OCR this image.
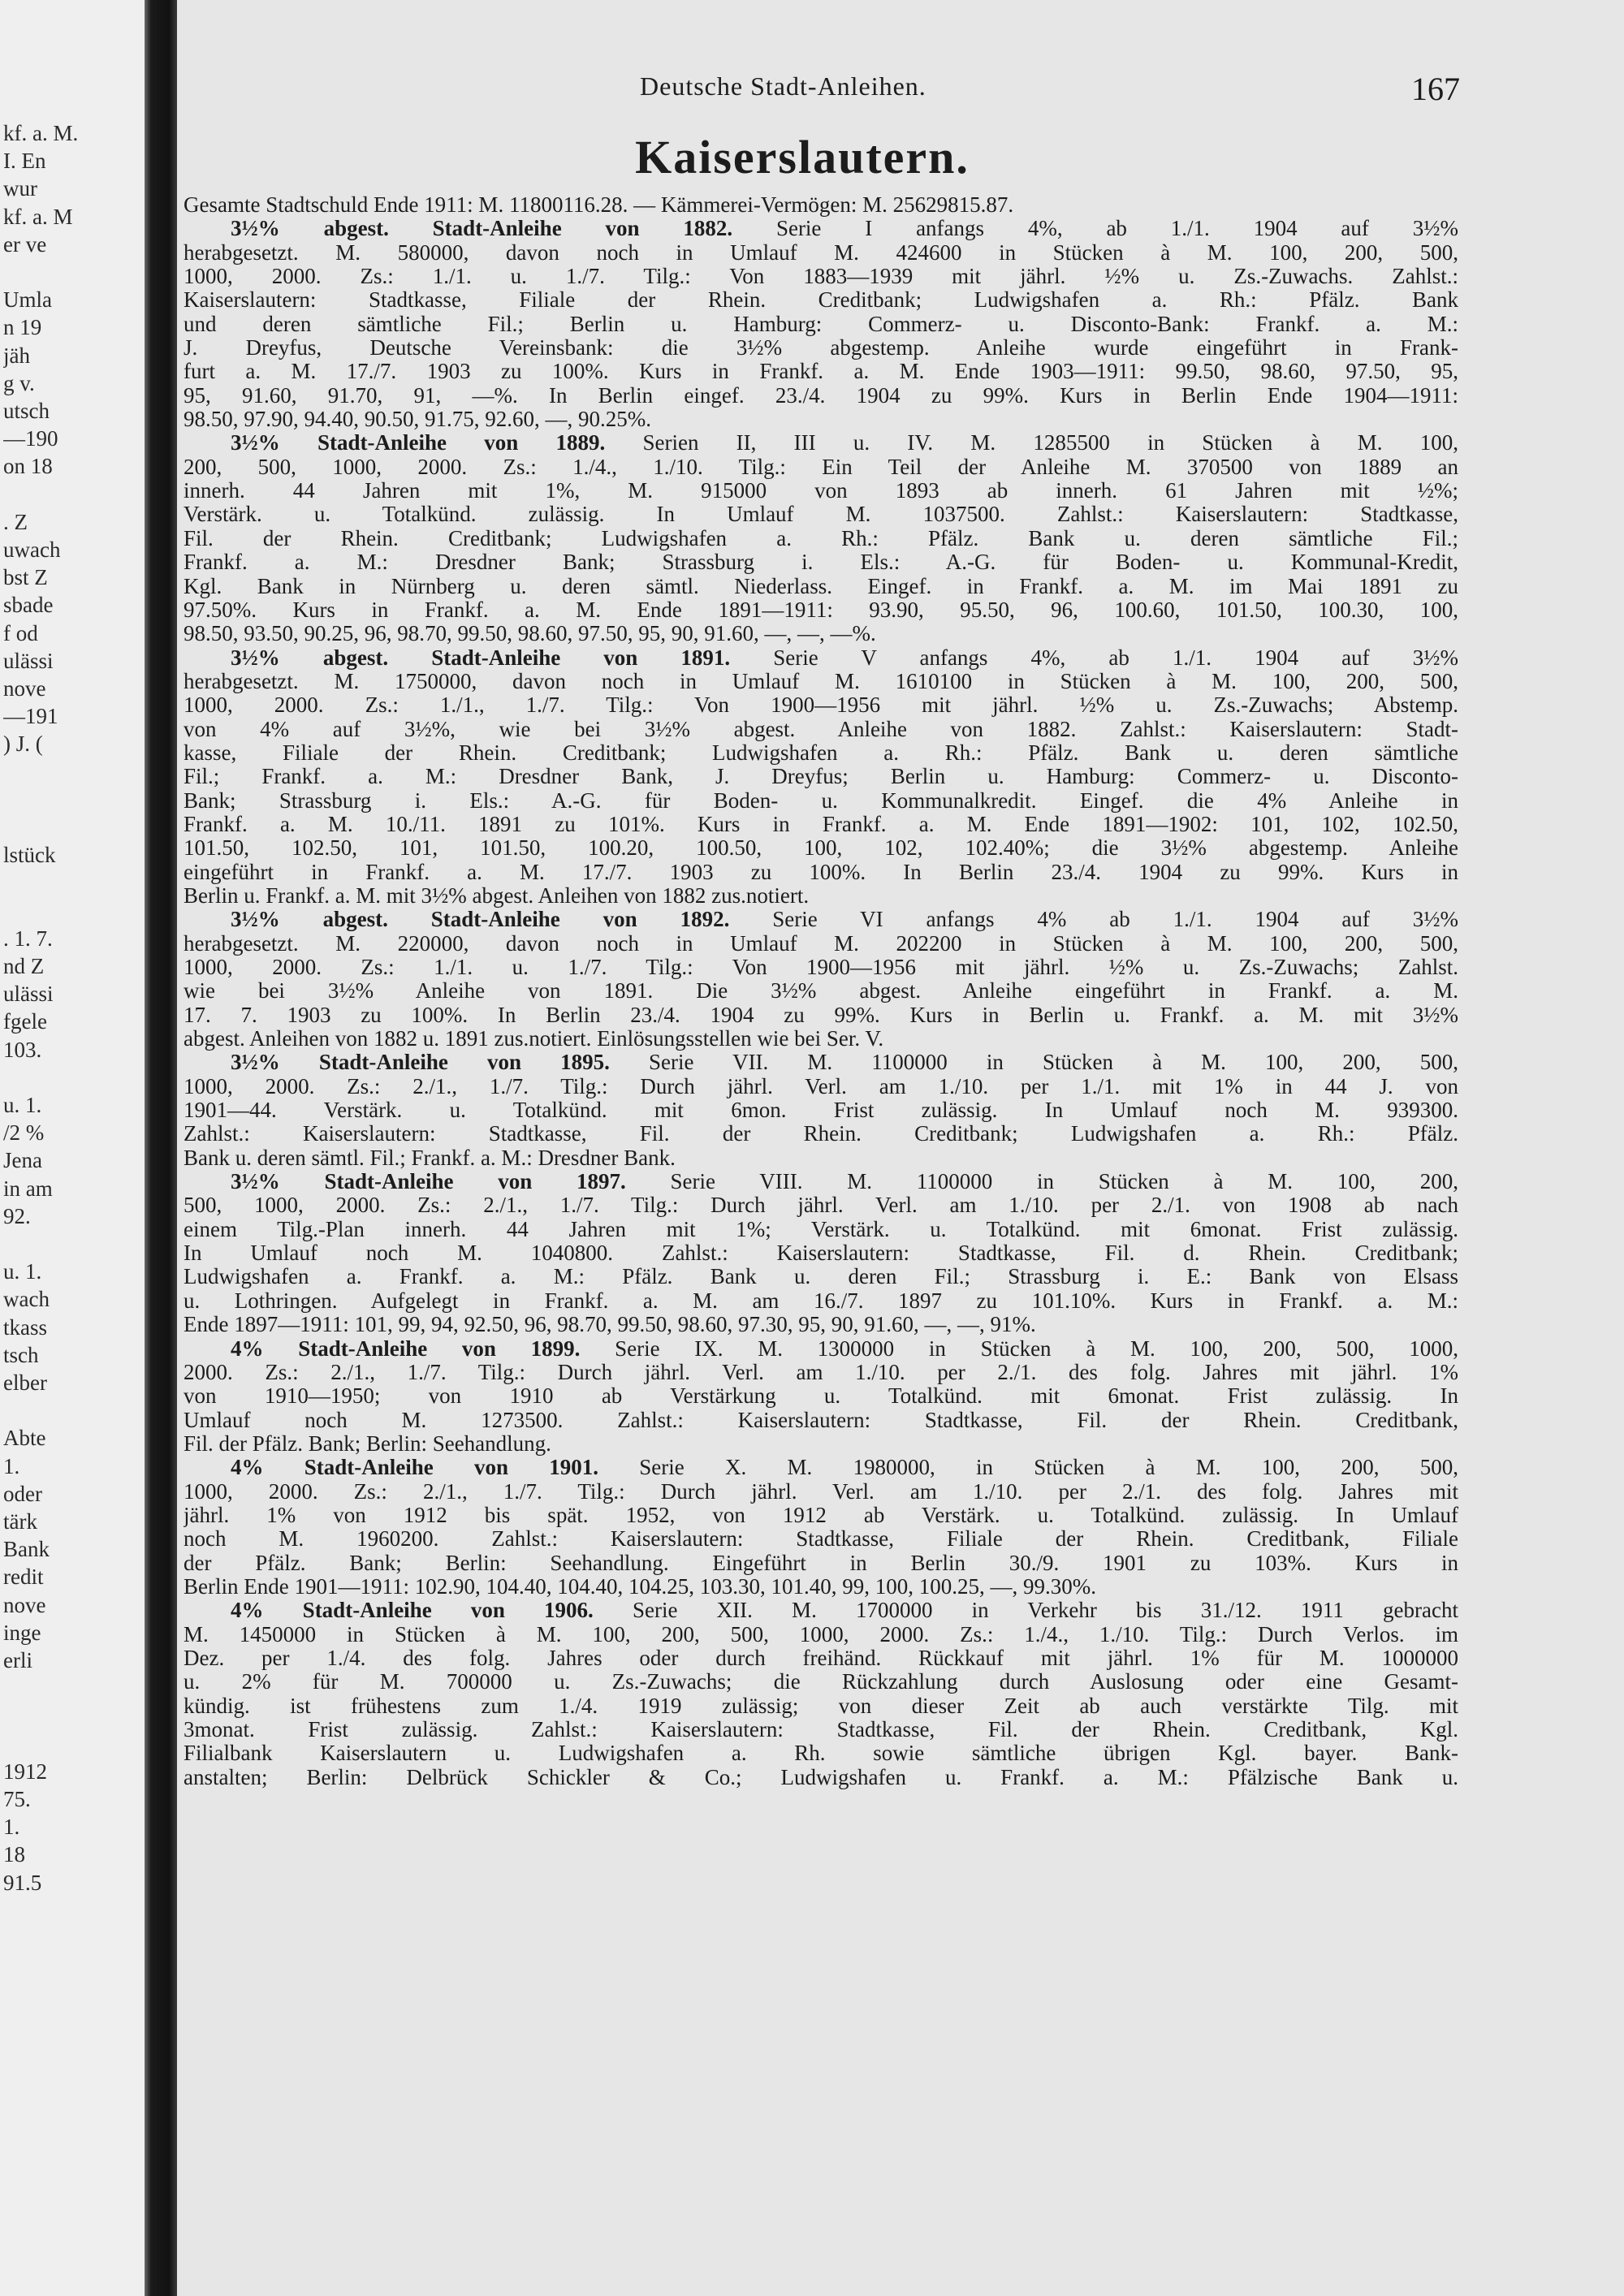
kf. a. M.
I. En
wur
kf. a. M
er ve
Umla
n 19
jäh
g v.
utsch
—190
on 18
. Z
uwach
bst Z
sbade
f od
ulässi
nove
—191
) J. (
lstück
. 1. 7.
nd Z
ulässi
fgele
103.
u. 1.
/2 %
Jena
in am
92.
u. 1.
wach
tkass
tsch
elber
Abte
1.
oder
tärk
Bank
redit
nove
inge
erli
1912
75.
1.
18
91.5
Deutsche Stadt-Anleihen.	167
Kaiserslautern.
Gesamte Stadtschuld Ende 1911: M. 11800116.28. — Kämmerei-Vermögen: M. 25629815.87.
3½% abgest. Stadt-Anleihe von 1882. Serie I anfangs 4%, ab 1./1. 1904 auf 3½%
herabgesetzt. M. 580000, davon noch in Umlauf M. 424600 in Stücken à M. 100, 200, 500,
1000, 2000. Zs.: 1./1. u. 1./7. Tilg.: Von 1883—1939 mit jährl. ½% u. Zs.-Zuwachs. Zahlst.:
Kaiserslautern: Stadtkasse, Filiale der Rhein. Creditbank; Ludwigshafen a. Rh.: Pfälz. Bank
und deren sämtliche Fil.; Berlin u. Hamburg: Commerz- u. Disconto-Bank: Frankf. a. M.:
J. Dreyfus, Deutsche Vereinsbank: die 3½% abgestemp. Anleihe wurde eingeführt in Frank-
furt a. M. 17./7. 1903 zu 100%. Kurs in Frankf. a. M. Ende 1903—1911: 99.50, 98.60, 97.50, 95,
95, 91.60, 91.70, 91, —%. In Berlin eingef. 23./4. 1904 zu 99%. Kurs in Berlin Ende 1904—1911:
98.50, 97.90, 94.40, 90.50, 91.75, 92.60, —, 90.25%.
3½% Stadt-Anleihe von 1889. Serien II, III u. IV. M. 1285500 in Stücken à M. 100,
200, 500, 1000, 2000. Zs.: 1./4., 1./10. Tilg.: Ein Teil der Anleihe M. 370500 von 1889 an
innerh. 44 Jahren mit 1%, M. 915000 von 1893 ab innerh. 61 Jahren mit ½%;
Verstärk. u. Totalkünd. zulässig. In Umlauf M. 1037500. Zahlst.: Kaiserslautern: Stadtkasse,
Fil. der Rhein. Creditbank; Ludwigshafen a. Rh.: Pfälz. Bank u. deren sämtliche Fil.;
Frankf. a. M.: Dresdner Bank; Strassburg i. Els.: A.-G. für Boden- u. Kommunal-Kredit,
Kgl. Bank in Nürnberg u. deren sämtl. Niederlass. Eingef. in Frankf. a. M. im Mai 1891 zu
97.50%. Kurs in Frankf. a. M. Ende 1891—1911: 93.90, 95.50, 96, 100.60, 101.50, 100.30, 100,
98.50, 93.50, 90.25, 96, 98.70, 99.50, 98.60, 97.50, 95, 90, 91.60, —, —, —%.
3½% abgest. Stadt-Anleihe von 1891. Serie V anfangs 4%, ab 1./1. 1904 auf 3½%
herabgesetzt. M. 1750000, davon noch in Umlauf M. 1610100 in Stücken à M. 100, 200, 500,
1000, 2000. Zs.: 1./1., 1./7. Tilg.: Von 1900—1956 mit jährl. ½% u. Zs.-Zuwachs; Abstemp.
von 4% auf 3½%, wie bei 3½% abgest. Anleihe von 1882. Zahlst.: Kaiserslautern: Stadt-
kasse, Filiale der Rhein. Creditbank; Ludwigshafen a. Rh.: Pfälz. Bank u. deren sämtliche
Fil.; Frankf. a. M.: Dresdner Bank, J. Dreyfus; Berlin u. Hamburg: Commerz- u. Disconto-
Bank; Strassburg i. Els.: A.-G. für Boden- u. Kommunalkredit. Eingef. die 4% Anleihe in
Frankf. a. M. 10./11. 1891 zu 101%. Kurs in Frankf. a. M. Ende 1891—1902: 101, 102, 102.50,
101.50, 102.50, 101, 101.50, 100.20, 100.50, 100, 102, 102.40%; die 3½% abgestemp. Anleihe
eingeführt in Frankf. a. M. 17./7. 1903 zu 100%. In Berlin 23./4. 1904 zu 99%. Kurs in
Berlin u. Frankf. a. M. mit 3½% abgest. Anleihen von 1882 zus.notiert.
3½% abgest. Stadt-Anleihe von 1892. Serie VI anfangs 4% ab 1./1. 1904 auf 3½%
herabgesetzt. M. 220000, davon noch in Umlauf M. 202200 in Stücken à M. 100, 200, 500,
1000, 2000. Zs.: 1./1. u. 1./7. Tilg.: Von 1900—1956 mit jährl. ½% u. Zs.-Zuwachs; Zahlst.
wie bei 3½% Anleihe von 1891. Die 3½% abgest. Anleihe eingeführt in Frankf. a. M.
17. 7. 1903 zu 100%. In Berlin 23./4. 1904 zu 99%. Kurs in Berlin u. Frankf. a. M. mit 3½%
abgest. Anleihen von 1882 u. 1891 zus.notiert. Einlösungsstellen wie bei Ser. V.
3½% Stadt-Anleihe von 1895. Serie VII. M. 1100000 in Stücken à M. 100, 200, 500,
1000, 2000. Zs.: 2./1., 1./7. Tilg.: Durch jährl. Verl. am 1./10. per 1./1. mit 1% in 44 J. von
1901—44. Verstärk. u. Totalkünd. mit 6mon. Frist zulässig. In Umlauf noch M. 939300.
Zahlst.: Kaiserslautern: Stadtkasse, Fil. der Rhein. Creditbank; Ludwigshafen a. Rh.: Pfälz.
Bank u. deren sämtl. Fil.; Frankf. a. M.: Dresdner Bank.
3½% Stadt-Anleihe von 1897. Serie VIII. M. 1100000 in Stücken à M. 100, 200,
500, 1000, 2000. Zs.: 2./1., 1./7. Tilg.: Durch jährl. Verl. am 1./10. per 2./1. von 1908 ab nach
einem Tilg.-Plan innerh. 44 Jahren mit 1%; Verstärk. u. Totalkünd. mit 6monat. Frist zulässig.
In Umlauf noch M. 1040800. Zahlst.: Kaiserslautern: Stadtkasse, Fil. d. Rhein. Creditbank;
Ludwigshafen a. Frankf. a. M.: Pfälz. Bank u. deren Fil.; Strassburg i. E.: Bank von Elsass
u. Lothringen. Aufgelegt in Frankf. a. M. am 16./7. 1897 zu 101.10%. Kurs in Frankf. a. M.:
Ende 1897—1911: 101, 99, 94, 92.50, 96, 98.70, 99.50, 98.60, 97.30, 95, 90, 91.60, —, —, 91%.
4% Stadt-Anleihe von 1899. Serie IX. M. 1300000 in Stücken à M. 100, 200, 500, 1000,
2000. Zs.: 2./1., 1./7. Tilg.: Durch jährl. Verl. am 1./10. per 2./1. des folg. Jahres mit jährl. 1%
von 1910—1950; von 1910 ab Verstärkung u. Totalkünd. mit 6monat. Frist zulässig. In
Umlauf noch M. 1273500. Zahlst.: Kaiserslautern: Stadtkasse, Fil. der Rhein. Creditbank,
Fil. der Pfälz. Bank; Berlin: Seehandlung.
4% Stadt-Anleihe von 1901. Serie X. M. 1980000, in Stücken à M. 100, 200, 500,
1000, 2000. Zs.: 2./1., 1./7. Tilg.: Durch jährl. Verl. am 1./10. per 2./1. des folg. Jahres mit
jährl. 1% von 1912 bis spät. 1952, von 1912 ab Verstärk. u. Totalkünd. zulässig. In Umlauf
noch M. 1960200. Zahlst.: Kaiserslautern: Stadtkasse, Filiale der Rhein. Creditbank, Filiale
der Pfälz. Bank; Berlin: Seehandlung. Eingeführt in Berlin 30./9. 1901 zu 103%. Kurs in
Berlin Ende 1901—1911: 102.90, 104.40, 104.40, 104.25, 103.30, 101.40, 99, 100, 100.25, —, 99.30%.
4% Stadt-Anleihe von 1906. Serie XII. M. 1700000 in Verkehr bis 31./12. 1911 gebracht
M. 1450000 in Stücken à M. 100, 200, 500, 1000, 2000. Zs.: 1./4., 1./10. Tilg.: Durch Verlos. im
Dez. per 1./4. des folg. Jahres oder durch freihänd. Rückkauf mit jährl. 1% für M. 1000000
u. 2% für M. 700000 u. Zs.-Zuwachs; die Rückzahlung durch Auslosung oder eine Gesamt-
kündig. ist frühestens zum 1./4. 1919 zulässig; von dieser Zeit ab auch verstärkte Tilg. mit
3monat. Frist zulässig. Zahlst.: Kaiserslautern: Stadtkasse, Fil. der Rhein. Creditbank, Kgl.
Filialbank Kaiserslautern u. Ludwigshafen a. Rh. sowie sämtliche übrigen Kgl. bayer. Bank-
anstalten; Berlin: Delbrück Schickler & Co.; Ludwigshafen u. Frankf. a. M.: Pfälzische Bank u.
